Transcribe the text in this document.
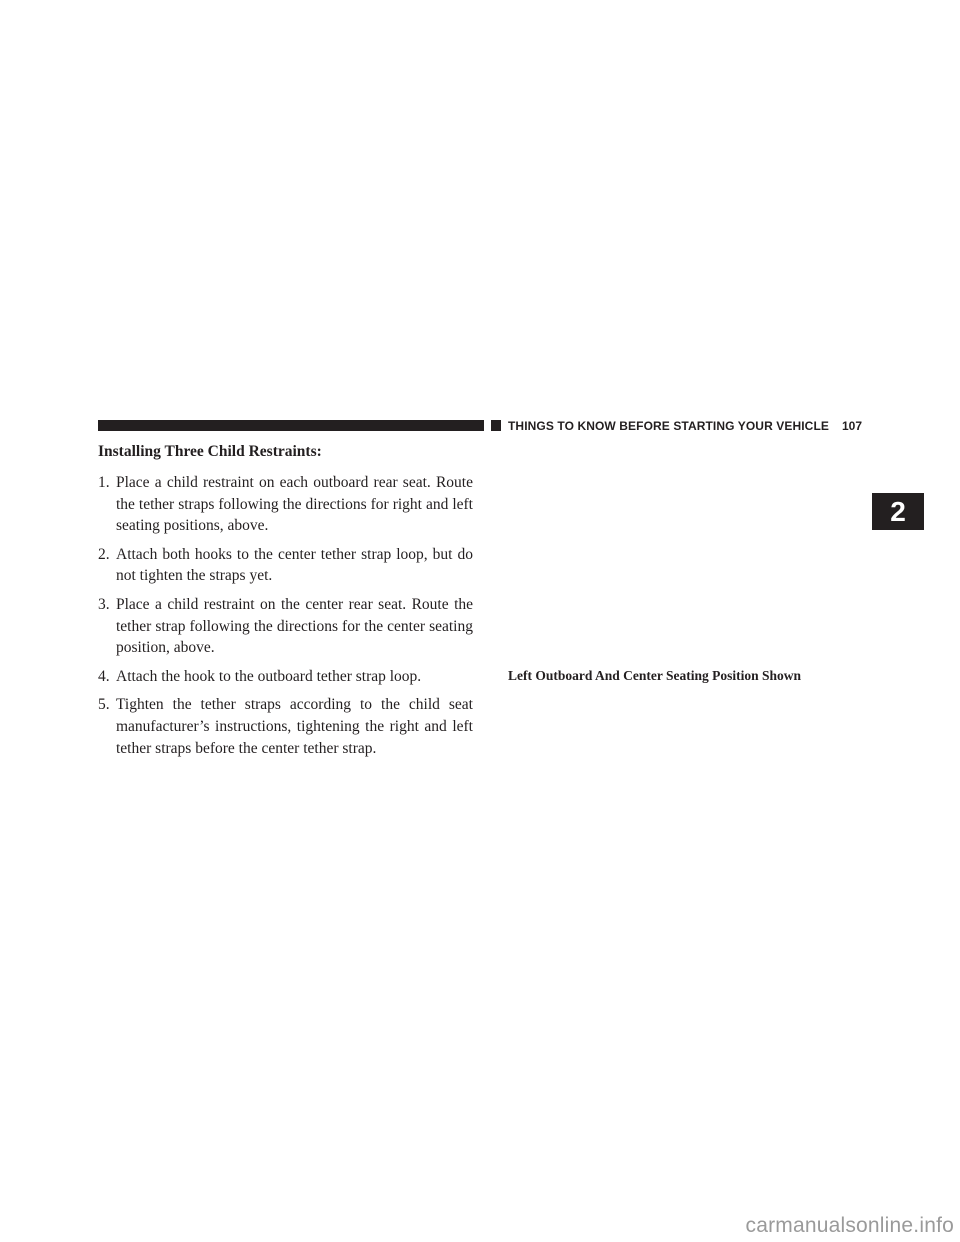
THINGS TO KNOW BEFORE STARTING YOUR VEHICLE 107
2
Installing Three Child Restraints:
1. Place a child restraint on each outboard rear seat. Route the tether straps following the directions for right and left seating positions, above.
2. Attach both hooks to the center tether strap loop, but do not tighten the straps yet.
3. Place a child restraint on the center rear seat. Route the tether strap following the directions for the center seating position, above.
4. Attach the hook to the outboard tether strap loop.
5. Tighten the tether straps according to the child seat manufacturer’s instructions, tightening the right and left tether straps before the center tether strap.
Left Outboard And Center Seating Position Shown
carmanualsonline.info
